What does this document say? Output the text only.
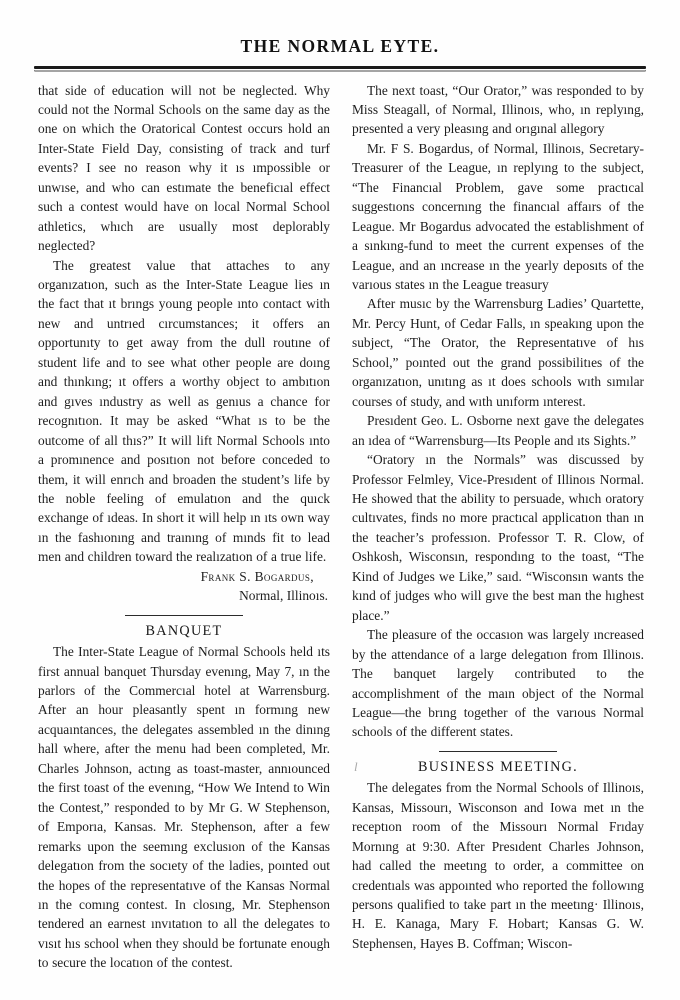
THE NORMAL EYTE.

that side of education will not be neglected. Why could not the Normal Schools on the same day as the one on which the Oratorical Contest occurs hold an Inter-State Field Day, consisting of track and turf events? I see no reason why it ıs ımpossible or unwıse, and who can estımate the beneficıal effect such a contest would have on local Normal School athletics, whıch are usually most deplorably neglected?

The greatest value that attaches to any organızatıon, such as the Inter-State League lies ın the fact that ıt brıngs young people ınto contact with new and untrıed cırcumstances; it offers an opportunıty to get away from the dull routıne of student life and to see what other people are doıng and thınkıng; ıt offers a worthy object to ambıtıon and gıves ındustry as well as genıus a chance for recognıtıon. It may be asked “What ıs to be the outcome of all thıs?” It will lift Normal Schools ınto a promınence and posıtıon not before conceded to them, it will enrıch and broaden the student’s life by the noble feeling of emulatıon and the quıck exchange of ıdeas. In short it will help ın ıts own way ın the fashıonıng and traınıng of mınds fit to lead men and children toward the realızatıon of a true life.

Frank S. Bogardus,
Normal, Illinoıs.
BANQUET

The Inter-State League of Normal Schools held ıts first annual banquet Thursday evenıng, May 7, ın the parlors of the Commercıal hotel at Warrensburg. After an hour pleasantly spent ın formıng new acquaıntances, the delegates assembled ın the dinıng hall where, after the menu had been completed, Mr. Charles Johnson, actıng as toast-master, annıounced the first toast of the evenıng, “How We Intend to Win the Contest,” responded to by Mr G. W Stephenson, of Emporıa, Kansas. Mr. Stephenson, after a few remarks upon the seemıng exclusıon of the Kansas delegatıon from the socıety of the ladies, poınted out the hopes of the representatıve of the Kansas Normal ın the comıng contest. In closıng, Mr. Stephenson tendered an earnest ınvıtatıon to all the delegates to vısıt hıs school when they should be fortunate enough to secure the locatıon of the contest.

The next toast, “Our Orator,” was responded to by Miss Steagall, of Normal, Illinoıs, who, ın replyıng, presented a very pleasıng and orıgınal allegory

Mr. F S. Bogardus, of Normal, Illinoıs, Secretary-Treasurer of the League, ın replyıng to the subject, “The Financıal Problem, gave some practıcal suggestıons concernıng the financıal affaırs of the League. Mr Bogardus advocated the establishment of a sınkıng-fund to meet the current expenses of the League, and an ıncrease ın the yearly deposıts of the varıous states ın the League treasury

After musıc by the Warrensburg Ladies’ Quartette, Mr. Percy Hunt, of Cedar Falls, ın speakıng upon the subject, “The Orator, the Representatıve of hıs School,” poınted out the grand possibilitıes of the organızatıon, unıtıng as ıt does schools wıth sımılar courses of study, and wıth unıform ınterest.

Presıdent Geo. L. Osborne next gave the delegates an ıdea of “Warrensburg—Its People and ıts Sights.”

“Oratory ın the Normals” was discussed by Professor Felmley, Vice-Presıdent of Illinoıs Normal. He showed that the ability to persuade, whıch oratory cultıvates, finds no more practıcal applicatıon than ın the teacher’s professıon. Professor T. R. Clow, of Oshkosh, Wisconsın, respondıng to the toast, “The Kind of Judges we Like,” saıd. “Wisconsın wants the kınd of judges who will gıve the best man the hıghest place.”

The pleasure of the occasıon was largely ıncreased by the attendance of a large delegatıon from Illinoıs. The banquet largely contributed to the accomplishment of the maın object of the Normal League—the brıng together of the varıous Normal schools of the different states.

l	BUSINESS MEETING.

The delegates from the Normal Schools of Illinoıs, Kansas, Missourı, Wisconson and Iowa met ın the receptıon room of the Missourı Normal Frıday Mornıng at 9:30. After Presıdent Charles Johnson, had called the meetıng to order, a committee on credentıals was appoınted who reported the followıng persons qualified to take part ın the meetıng· Illinoıs, H. E. Kanaga, Mary F. Hobart; Kansas G. W. Stephensen, Hayes B. Coffman; Wiscon-
